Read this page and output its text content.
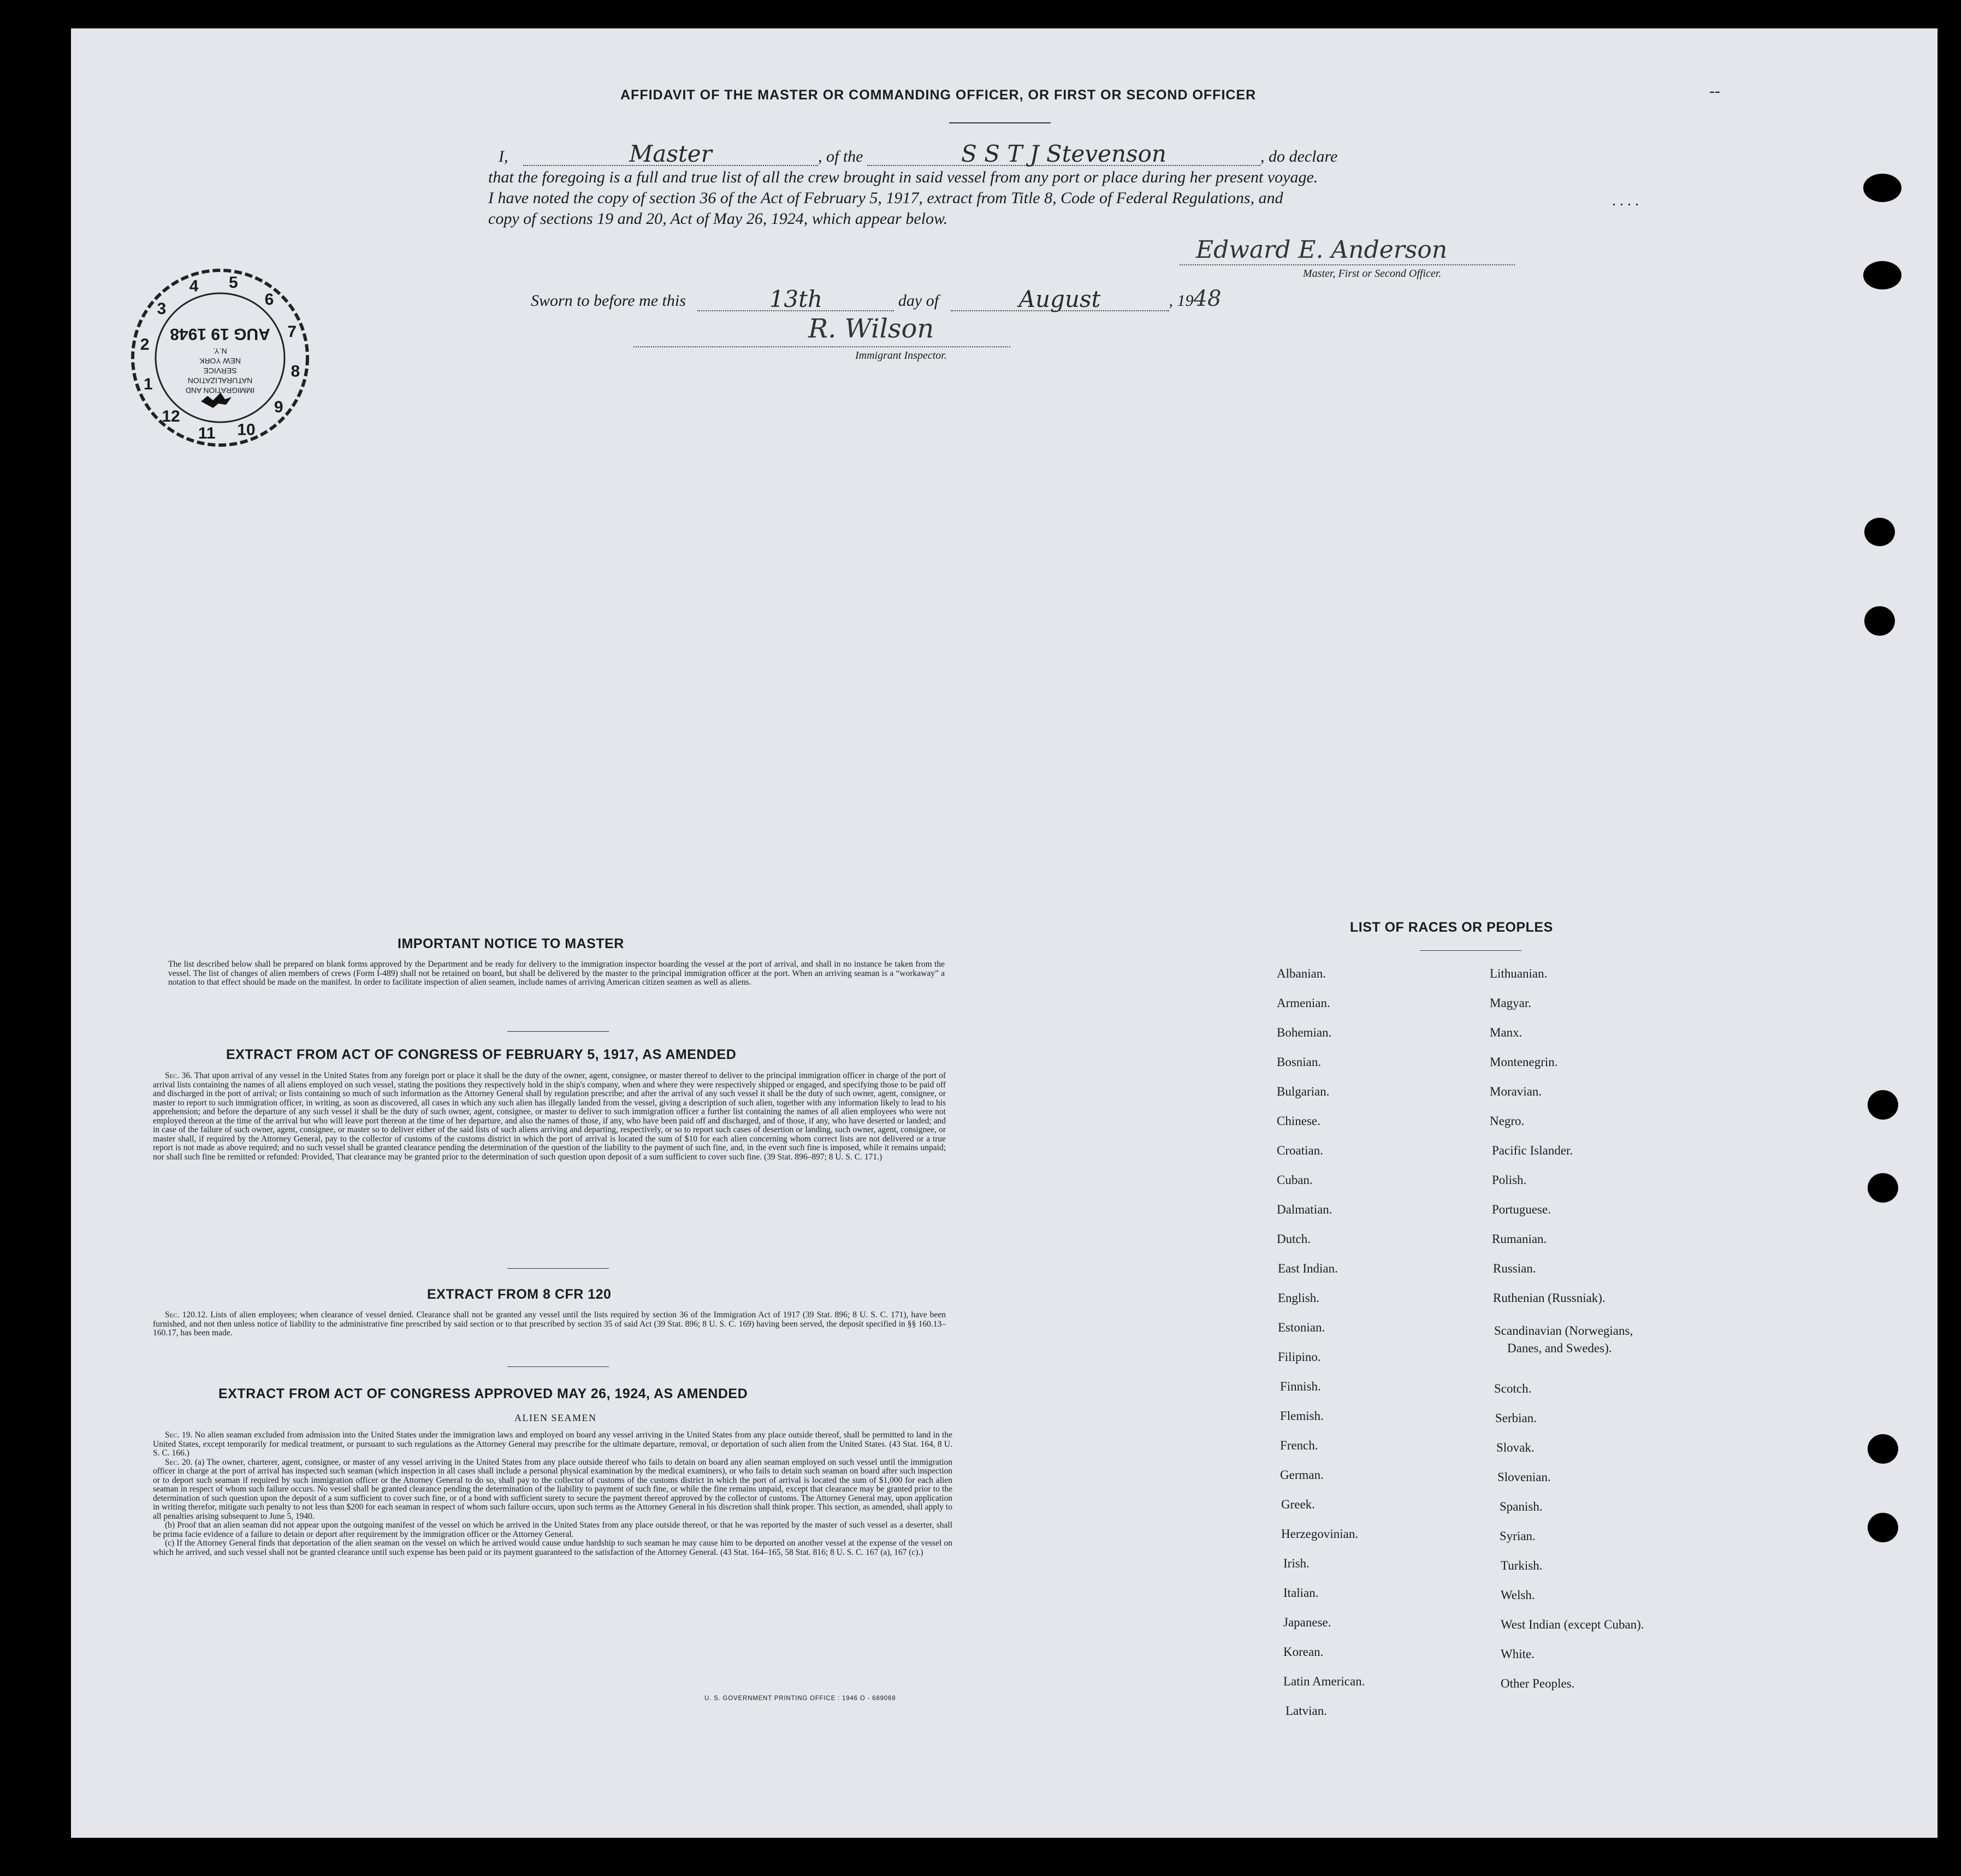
AFFIDAVIT OF THE MASTER OR COMMANDING OFFICER, OR FIRST OR SECOND OFFICER	--
I,	Master	, of the	S S T J Stevenson	, do declare
that the foregoing is a full and true list of all the crew brought in said vessel from any port or place during her present voyage.
I have noted the copy of section 36 of the Act of February 5, 1917, extract from Title 8, Code of Federal Regulations, and	. . . .
copy of sections 19 and 20, Act of May 26, 1924, which appear below.
Edward E. Anderson
Master, First or Second Officer.
Sworn to before me this	13th	day of	August	, 1948
R. Wilson
Immigrant Inspector.
1
2
3
4 5
6
7
8
9
10
11
12
IMMIGRATION AND
NATURALIZATION
SERVICE
NEW YORK
N.Y.
AUG 19 1948
IMPORTANT NOTICE TO MASTER

The list described below shall be prepared on blank forms approved by the Department and be ready for delivery to the immigration inspector boarding the vessel at the port of arrival, and shall in no instance be taken from the vessel. The list of changes of alien members of crews (Form I-489) shall not be retained on board, but shall be delivered by the master to the principal immigration officer at the port. When an arriving seaman is a “workaway” a notation to that effect should be made on the manifest. In order to facilitate inspection of alien seamen, include names of arriving American citizen seamen as well as aliens.

EXTRACT FROM ACT OF CONGRESS OF FEBRUARY 5, 1917, AS AMENDED

Sec. 36. That upon arrival of any vessel in the United States from any foreign port or place it shall be the duty of the owner, agent, consignee, or master thereof to deliver to the principal immigration officer in charge of the port of arrival lists containing the names of all aliens employed on such vessel, stating the positions they respectively hold in the ship's company, when and where they were respectively shipped or engaged, and specifying those to be paid off and discharged in the port of arrival; or lists containing so much of such information as the Attorney General shall by regulation prescribe; and after the arrival of any such vessel it shall be the duty of such owner, agent, consignee, or master to report to such immigration officer, in writing, as soon as discovered, all cases in which any such alien has illegally landed from the vessel, giving a description of such alien, together with any information likely to lead to his apprehension; and before the departure of any such vessel it shall be the duty of such owner, agent, consignee, or master to deliver to such immigration officer a further list containing the names of all alien employees who were not employed thereon at the time of the arrival but who will leave port thereon at the time of her departure, and also the names of those, if any, who have been paid off and discharged, and of those, if any, who have deserted or landed; and in case of the failure of such owner, agent, consignee, or master so to deliver either of the said lists of such aliens arriving and departing, respectively, or so to report such cases of desertion or landing, such owner, agent, consignee, or master shall, if required by the Attorney General, pay to the collector of customs of the customs district in which the port of arrival is located the sum of $10 for each alien concerning whom correct lists are not delivered or a true report is not made as above required; and no such vessel shall be granted clearance pending the determination of the question of the liability to the payment of such fine, and, in the event such fine is imposed, while it remains unpaid; nor shall such fine be remitted or refunded: Provided, That clearance may be granted prior to the determination of such question upon deposit of a sum sufficient to cover such fine. (39 Stat. 896–897; 8 U. S. C. 171.)

EXTRACT FROM 8 CFR 120

Sec. 120.12. Lists of alien employees; when clearance of vessel denied. Clearance shall not be granted any vessel until the lists required by section 36 of the Immigration Act of 1917 (39 Stat. 896; 8 U. S. C. 171), have been furnished, and not then unless notice of liability to the administrative fine prescribed by said section or to that prescribed by section 35 of said Act (39 Stat. 896; 8 U. S. C. 169) having been served, the deposit specified in §§ 160.13–160.17, has been made.

EXTRACT FROM ACT OF CONGRESS APPROVED MAY 26, 1924, AS AMENDED
ALIEN SEAMEN

Sec. 19. No alien seaman excluded from admission into the United States under the immigration laws and employed on board any vessel arriving in the United States from any place outside thereof, shall be permitted to land in the United States, except temporarily for medical treatment, or pursuant to such regulations as the Attorney General may prescribe for the ultimate departure, removal, or deportation of such alien from the United States. (43 Stat. 164, 8 U. S. C. 166.)

Sec. 20. (a) The owner, charterer, agent, consignee, or master of any vessel arriving in the United States from any place outside thereof who fails to detain on board any alien seaman employed on such vessel until the immigration officer in charge at the port of arrival has inspected such seaman (which inspection in all cases shall include a personal physical examination by the medical examiners), or who fails to detain such seaman on board after such inspection or to deport such seaman if required by such immigration officer or the Attorney General to do so, shall pay to the collector of customs of the customs district in which the port of arrival is located the sum of $1,000 for each alien seaman in respect of whom such failure occurs. No vessel shall be granted clearance pending the determination of the liability to payment of such fine, or while the fine remains unpaid, except that clearance may be granted prior to the determination of such question upon the deposit of a sum sufficient to cover such fine, or of a bond with sufficient surety to secure the payment thereof approved by the collector of customs. The Attorney General may, upon application in writing therefor, mitigate such penalty to not less than $200 for each seaman in respect of whom such failure occurs, upon such terms as the Attorney General in his discretion shall think proper. This section, as amended, shall apply to all penalties arising subsequent to June 5, 1940.

(b) Proof that an alien seaman did not appear upon the outgoing manifest of the vessel on which he arrived in the United States from any place outside thereof, or that he was reported by the master of such vessel as a deserter, shall be prima facie evidence of a failure to detain or deport after requirement by the immigration officer or the Attorney General.

(c) If the Attorney General finds that deportation of the alien seaman on the vessel on which he arrived would cause undue hardship to such seaman he may cause him to be deported on another vessel at the expense of the vessel on which he arrived, and such vessel shall not be granted clearance until such expense has been paid or its payment guaranteed to the satisfaction of the Attorney General. (43 Stat. 164–165, 58 Stat. 816; 8 U. S. C. 167 (a), 167 (c).)

U. S. GOVERNMENT PRINTING OFFICE : 1946 O - 689069
LIST OF RACES OR PEOPLES
Albanian.
Armenian.
Bohemian.
Bosnian.
Bulgarian.
Chinese.
Croatian.
Cuban.
Dalmatian.
Dutch.
East Indian.
English.
Estonian.
Filipino.
Finnish.
Flemish.
French.
German.
Greek.
Herzegovinian.
Irish.
Italian.
Japanese.
Korean.
Latin American.
Latvian.
Lithuanian.
Magyar.
Manx.
Montenegrin.
Moravian.
Negro.
Pacific Islander.
Polish.
Portuguese.
Rumanian.
Russian.
Ruthenian (Russniak).
Scandinavian (Norwegians,
Danes, and Swedes).
Scotch.
Serbian.
Slovak.
Slovenian.
Spanish.
Syrian.
Turkish.
Welsh.
West Indian (except Cuban).
White.
Other Peoples.
